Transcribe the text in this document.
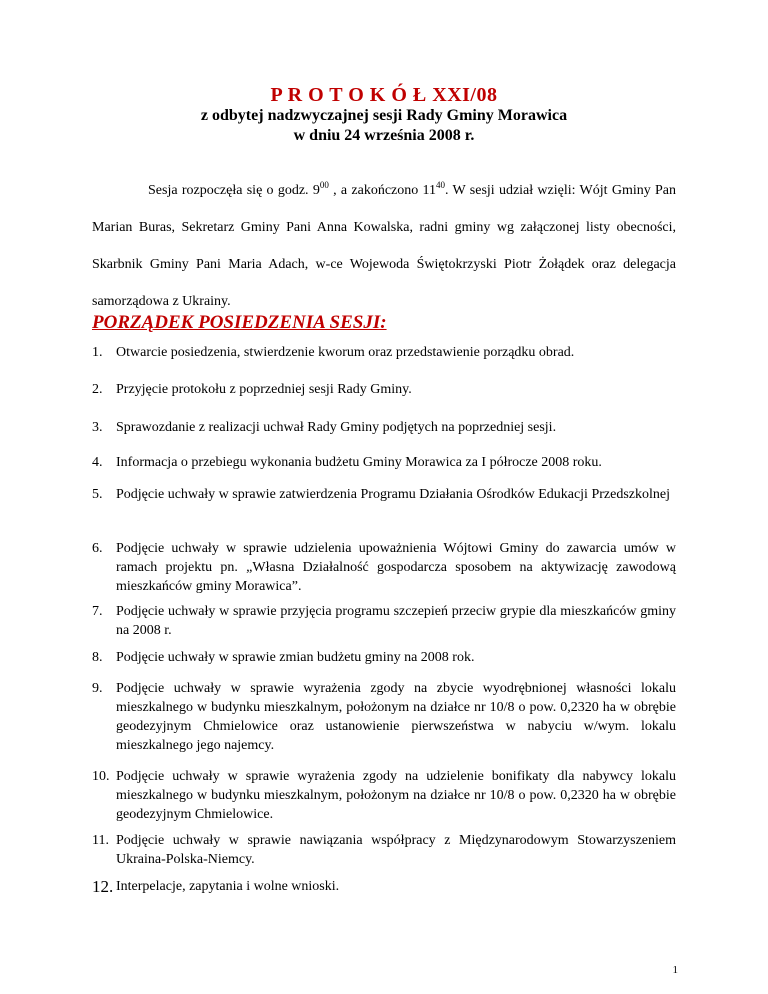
P R O T O K Ó Ł XXI/08
z odbytej nadzwyczajnej sesji Rady Gminy Morawica
w dniu 24 września 2008 r.

Sesja rozpoczęła się o godz. $9^{00}$ , a zakończono $11^{40}$. W sesji udział wzięli: Wójt Gminy Pan Marian Buras, Sekretarz Gminy Pani Anna Kowalska, radni gminy wg załączonej listy obecności, Skarbnik Gminy Pani Maria Adach, w-ce Wojewoda Świętokrzyski Piotr Żołądek oraz delegacja samorządowa z Ukrainy.

PORZĄDEK POSIEDZENIA SESJI:
1. Otwarcie posiedzenia, stwierdzenie kworum oraz przedstawienie porządku obrad.
2. Przyjęcie protokołu z poprzedniej sesji Rady Gminy.
3. Sprawozdanie z realizacji uchwał Rady Gminy podjętych na poprzedniej sesji.
4. Informacja o przebiegu wykonania budżetu Gminy Morawica za I półrocze 2008 roku.
5. Podjęcie uchwały w sprawie zatwierdzenia Programu Działania Ośrodków Edukacji Przedszkolnej
6. Podjęcie uchwały w sprawie udzielenia upoważnienia Wójtowi Gminy do zawarcia umów w ramach projektu pn. „Własna Działalność gospodarcza sposobem na aktywizację zawodową mieszkańców gminy Morawica”.
7. Podjęcie uchwały w sprawie przyjęcia programu szczepień przeciw grypie dla mieszkańców gminy na 2008 r.
8. Podjęcie uchwały w sprawie zmian budżetu gminy na 2008 rok.
9. Podjęcie uchwały w sprawie wyrażenia zgody na zbycie wyodrębnionej własności lokalu mieszkalnego w budynku mieszkalnym, położonym na działce nr 10/8 o pow. 0,2320 ha w obrębie geodezyjnym Chmielowice oraz ustanowienie pierwszeństwa w nabyciu w/wym. lokalu mieszkalnego jego najemcy.
10. Podjęcie uchwały w sprawie wyrażenia zgody na udzielenie bonifikaty dla nabywcy lokalu mieszkalnego w budynku mieszkalnym, położonym na działce nr 10/8 o pow. 0,2320 ha w obrębie geodezyjnym Chmielowice.
11. Podjęcie uchwały w sprawie nawiązania współpracy z Międzynarodowym Stowarzyszeniem Ukraina-Polska-Niemcy.
12. Interpelacje, zapytania i wolne wnioski.
1
